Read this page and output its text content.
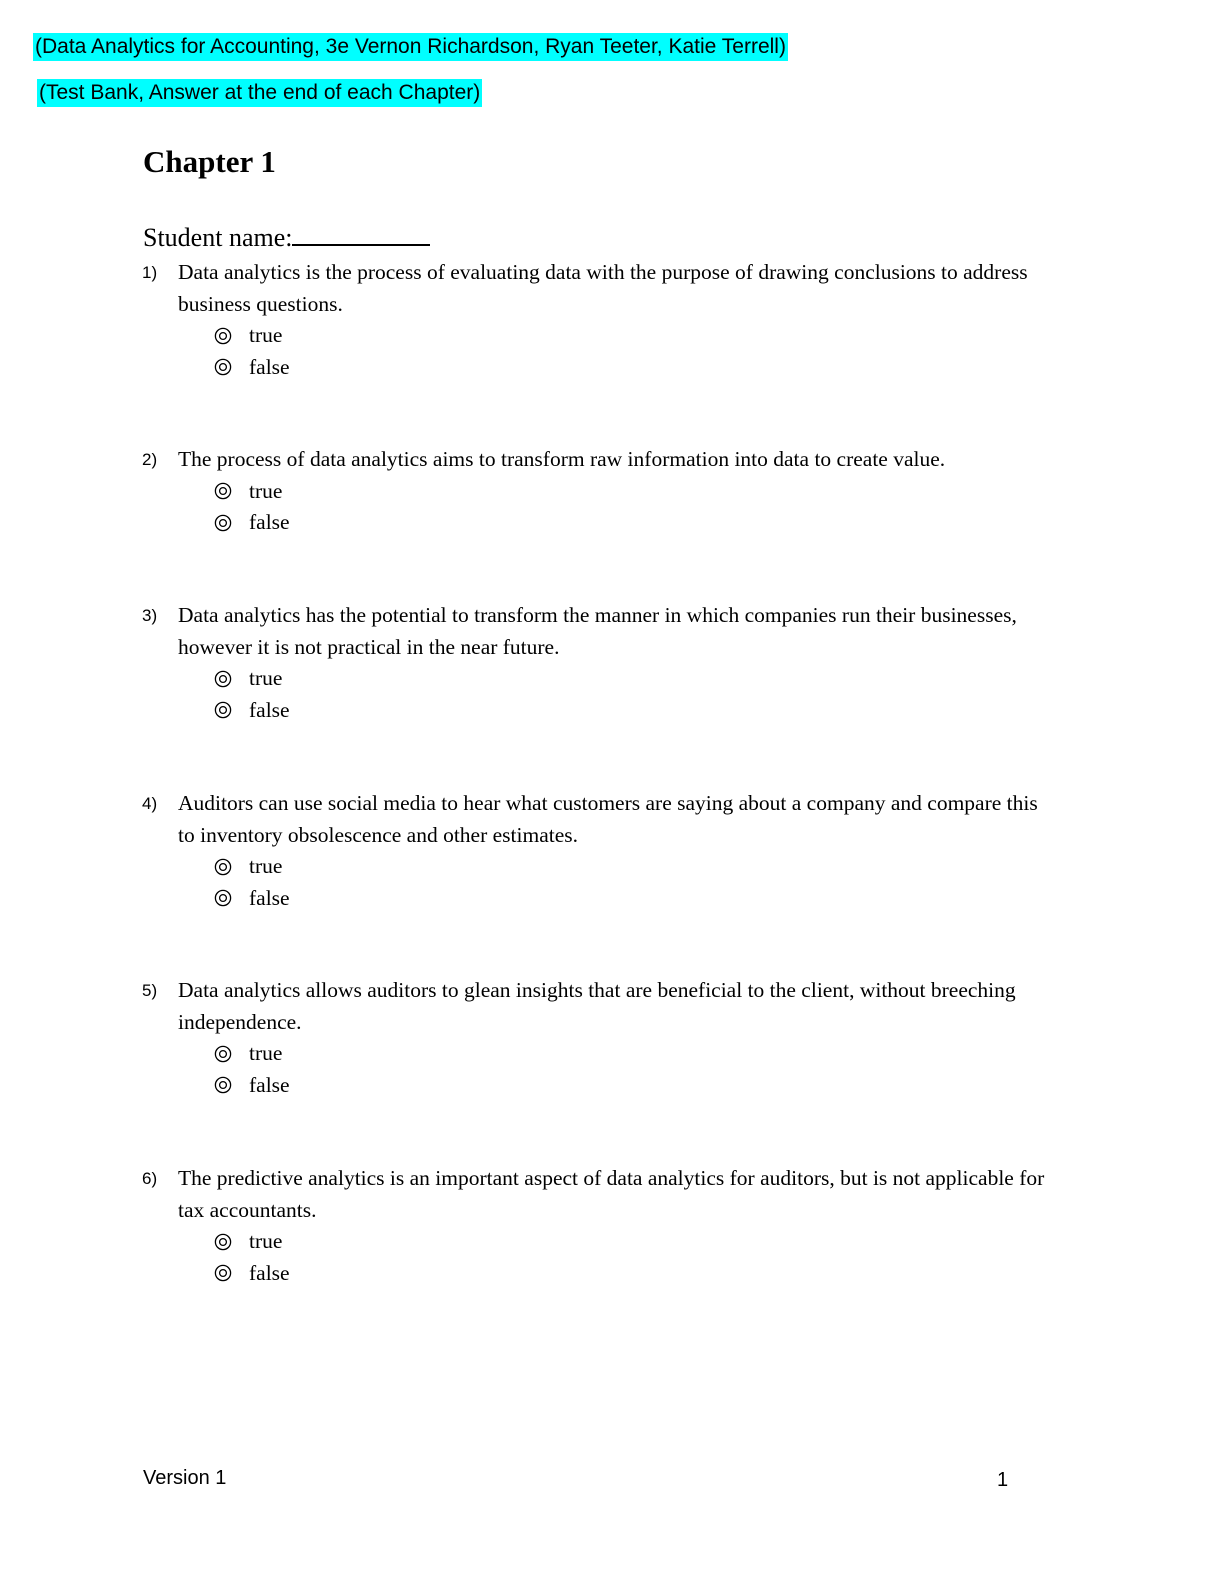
(Data Analytics for Accounting, 3e Vernon Richardson, Ryan Teeter, Katie Terrell)
(Test Bank, Answer at the end of each Chapter)
Chapter 1
Student name:
1) Data analytics is the process of evaluating data with the purpose of drawing conclusions to address business questions.
true
false
2) The process of data analytics aims to transform raw information into data to create value.
true
false
3) Data analytics has the potential to transform the manner in which companies run their businesses, however it is not practical in the near future.
true
false
4) Auditors can use social media to hear what customers are saying about a company and compare this to inventory obsolescence and other estimates.
true
false
5) Data analytics allows auditors to glean insights that are beneficial to the client, without breeching independence.
true
false
6) The predictive analytics is an important aspect of data analytics for auditors, but is not applicable for tax accountants.
true
false
Version 1	1
